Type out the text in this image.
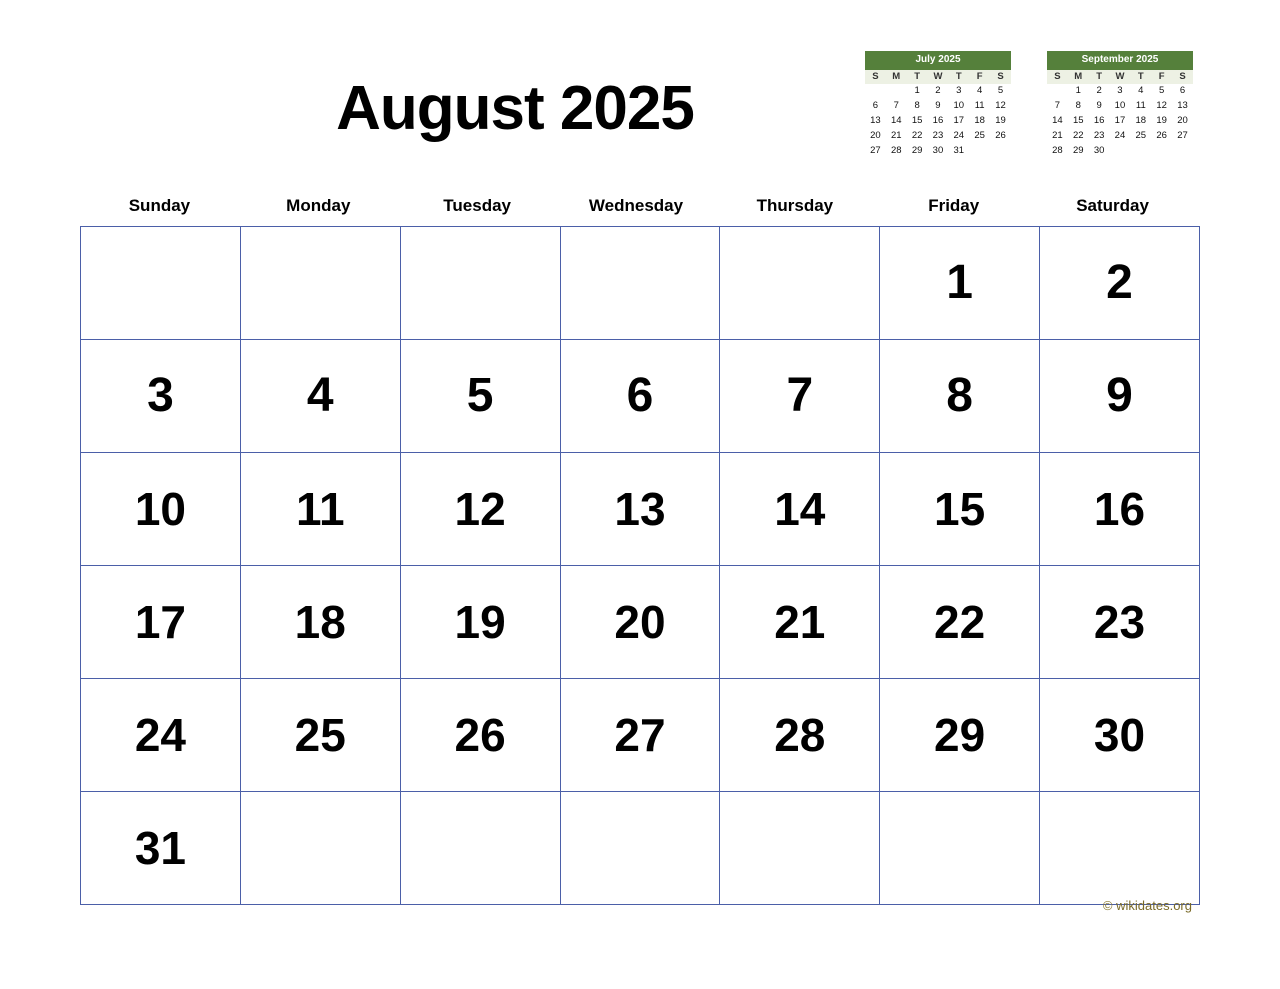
August 2025
July 2025
S	M	T	W	T	F	S
		1	2	3	4	5
6	7	8	9	10	11	12
13	14	15	16	17	18	19
20	21	22	23	24	25	26
27	28	29	30	31		
September 2025
S	M	T	W	T	F	S
	1	2	3	4	5	6
7	8	9	10	11	12	13
14	15	16	17	18	19	20
21	22	23	24	25	26	27
28	29	30				
Sunday	Monday	Tuesday	Wednesday	Thursday	Friday	Saturday

					1	2

3	4	5	6	7	8	9

10	11	12	13	14	15	16

17	18	19	20	21	22	23

24	25	26	27	28	29	30

31						

© wikidates.org
